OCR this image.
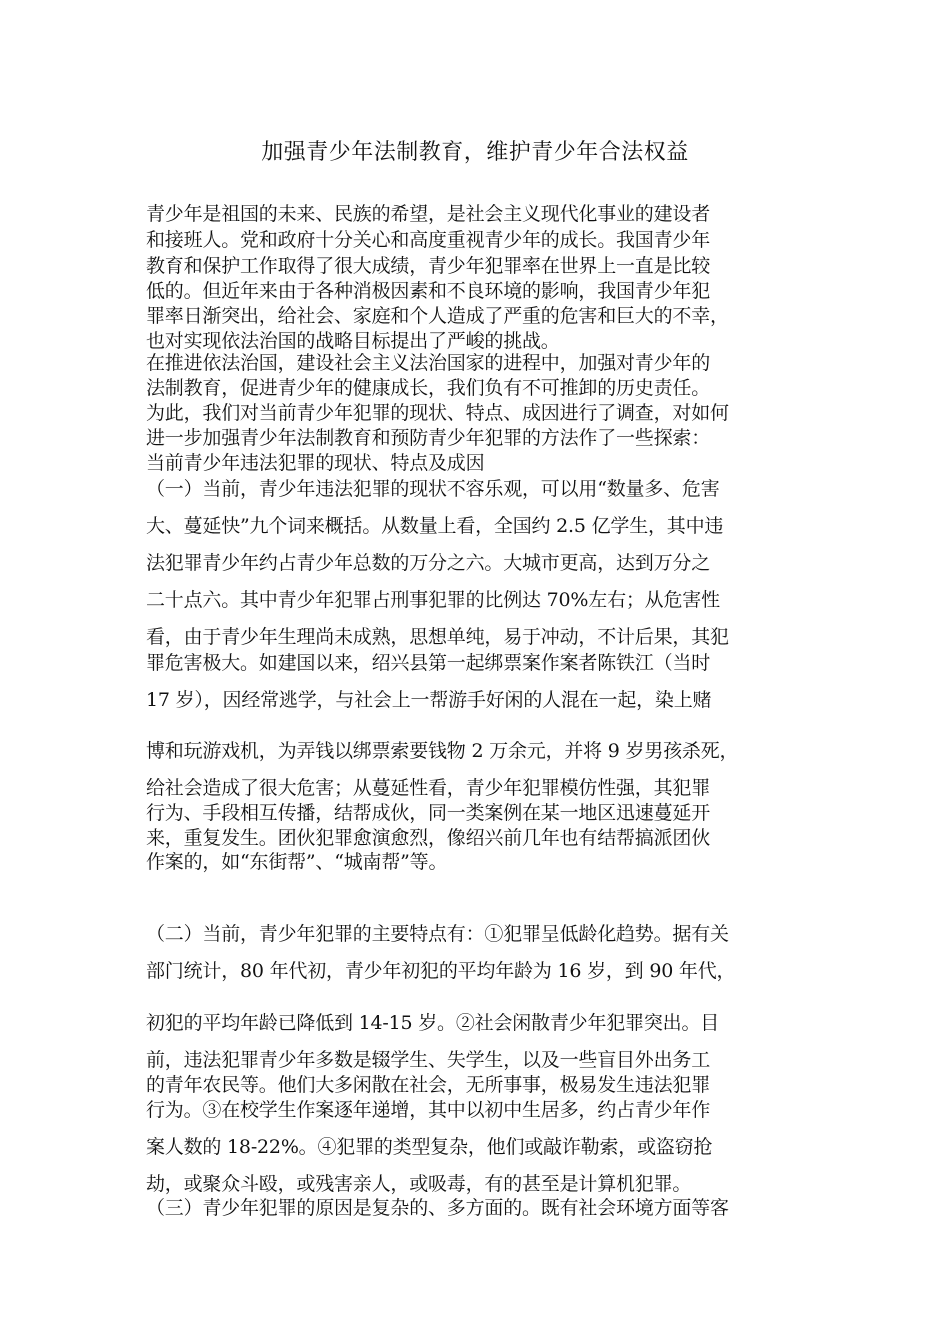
加强青少年法制教育，维护青少年合法权益
青少年是祖国的未来、民族的希望，是社会主义现代化事业的建设者
和接班人。党和政府十分关心和高度重视青少年的成长。我国青少年
教育和保护工作取得了很大成绩，青少年犯罪率在世界上一直是比较
低的。但近年来由于各种消极因素和不良环境的影响，我国青少年犯
罪率日渐突出，给社会、家庭和个人造成了严重的危害和巨大的不幸，
也对实现依法治国的战略目标提出了严峻的挑战。
在推进依法治国，建设社会主义法治国家的进程中，加强对青少年的
法制教育，促进青少年的健康成长，我们负有不可推卸的历史责任。
为此，我们对当前青少年犯罪的现状、特点、成因进行了调查，对如何
进一步加强青少年法制教育和预防青少年犯罪的方法作了一些探索：
当前青少年违法犯罪的现状、特点及成因
（一）当前，青少年违法犯罪的现状不容乐观，可以用“数量多、危害
大、蔓延快”九个词来概括。从数量上看，全国约 2.5 亿学生，其中违
法犯罪青少年约占青少年总数的万分之六。大城市更高，达到万分之
二十点六。其中青少年犯罪占刑事犯罪的比例达 70%左右；从危害性
看，由于青少年生理尚未成熟，思想单纯，易于冲动，不计后果，其犯
罪危害极大。如建国以来，绍兴县第一起绑票案作案者陈铁江（当时
17 岁），因经常逃学，与社会上一帮游手好闲的人混在一起，染上赌
博和玩游戏机，为弄钱以绑票索要钱物 2 万余元，并将 9 岁男孩杀死，
给社会造成了很大危害；从蔓延性看，青少年犯罪模仿性强，其犯罪
行为、手段相互传播，结帮成伙，同一类案例在某一地区迅速蔓延开
来，重复发生。团伙犯罪愈演愈烈，像绍兴前几年也有结帮搞派团伙
作案的，如“东街帮”、“城南帮”等。
（二）当前，青少年犯罪的主要特点有：①犯罪呈低龄化趋势。据有关
部门统计，80 年代初，青少年初犯的平均年龄为 16 岁，到 90 年代，
初犯的平均年龄已降低到 14-15 岁。②社会闲散青少年犯罪突出。目
前，违法犯罪青少年多数是辍学生、失学生，以及一些盲目外出务工
的青年农民等。他们大多闲散在社会，无所事事，极易发生违法犯罪
行为。③在校学生作案逐年递增，其中以初中生居多，约占青少年作
案人数的 18-22%。④犯罪的类型复杂，他们或敲诈勒索，或盗窃抢
劫，或聚众斗殴，或残害亲人，或吸毒，有的甚至是计算机犯罪。
（三）青少年犯罪的原因是复杂的、多方面的。既有社会环境方面等客
